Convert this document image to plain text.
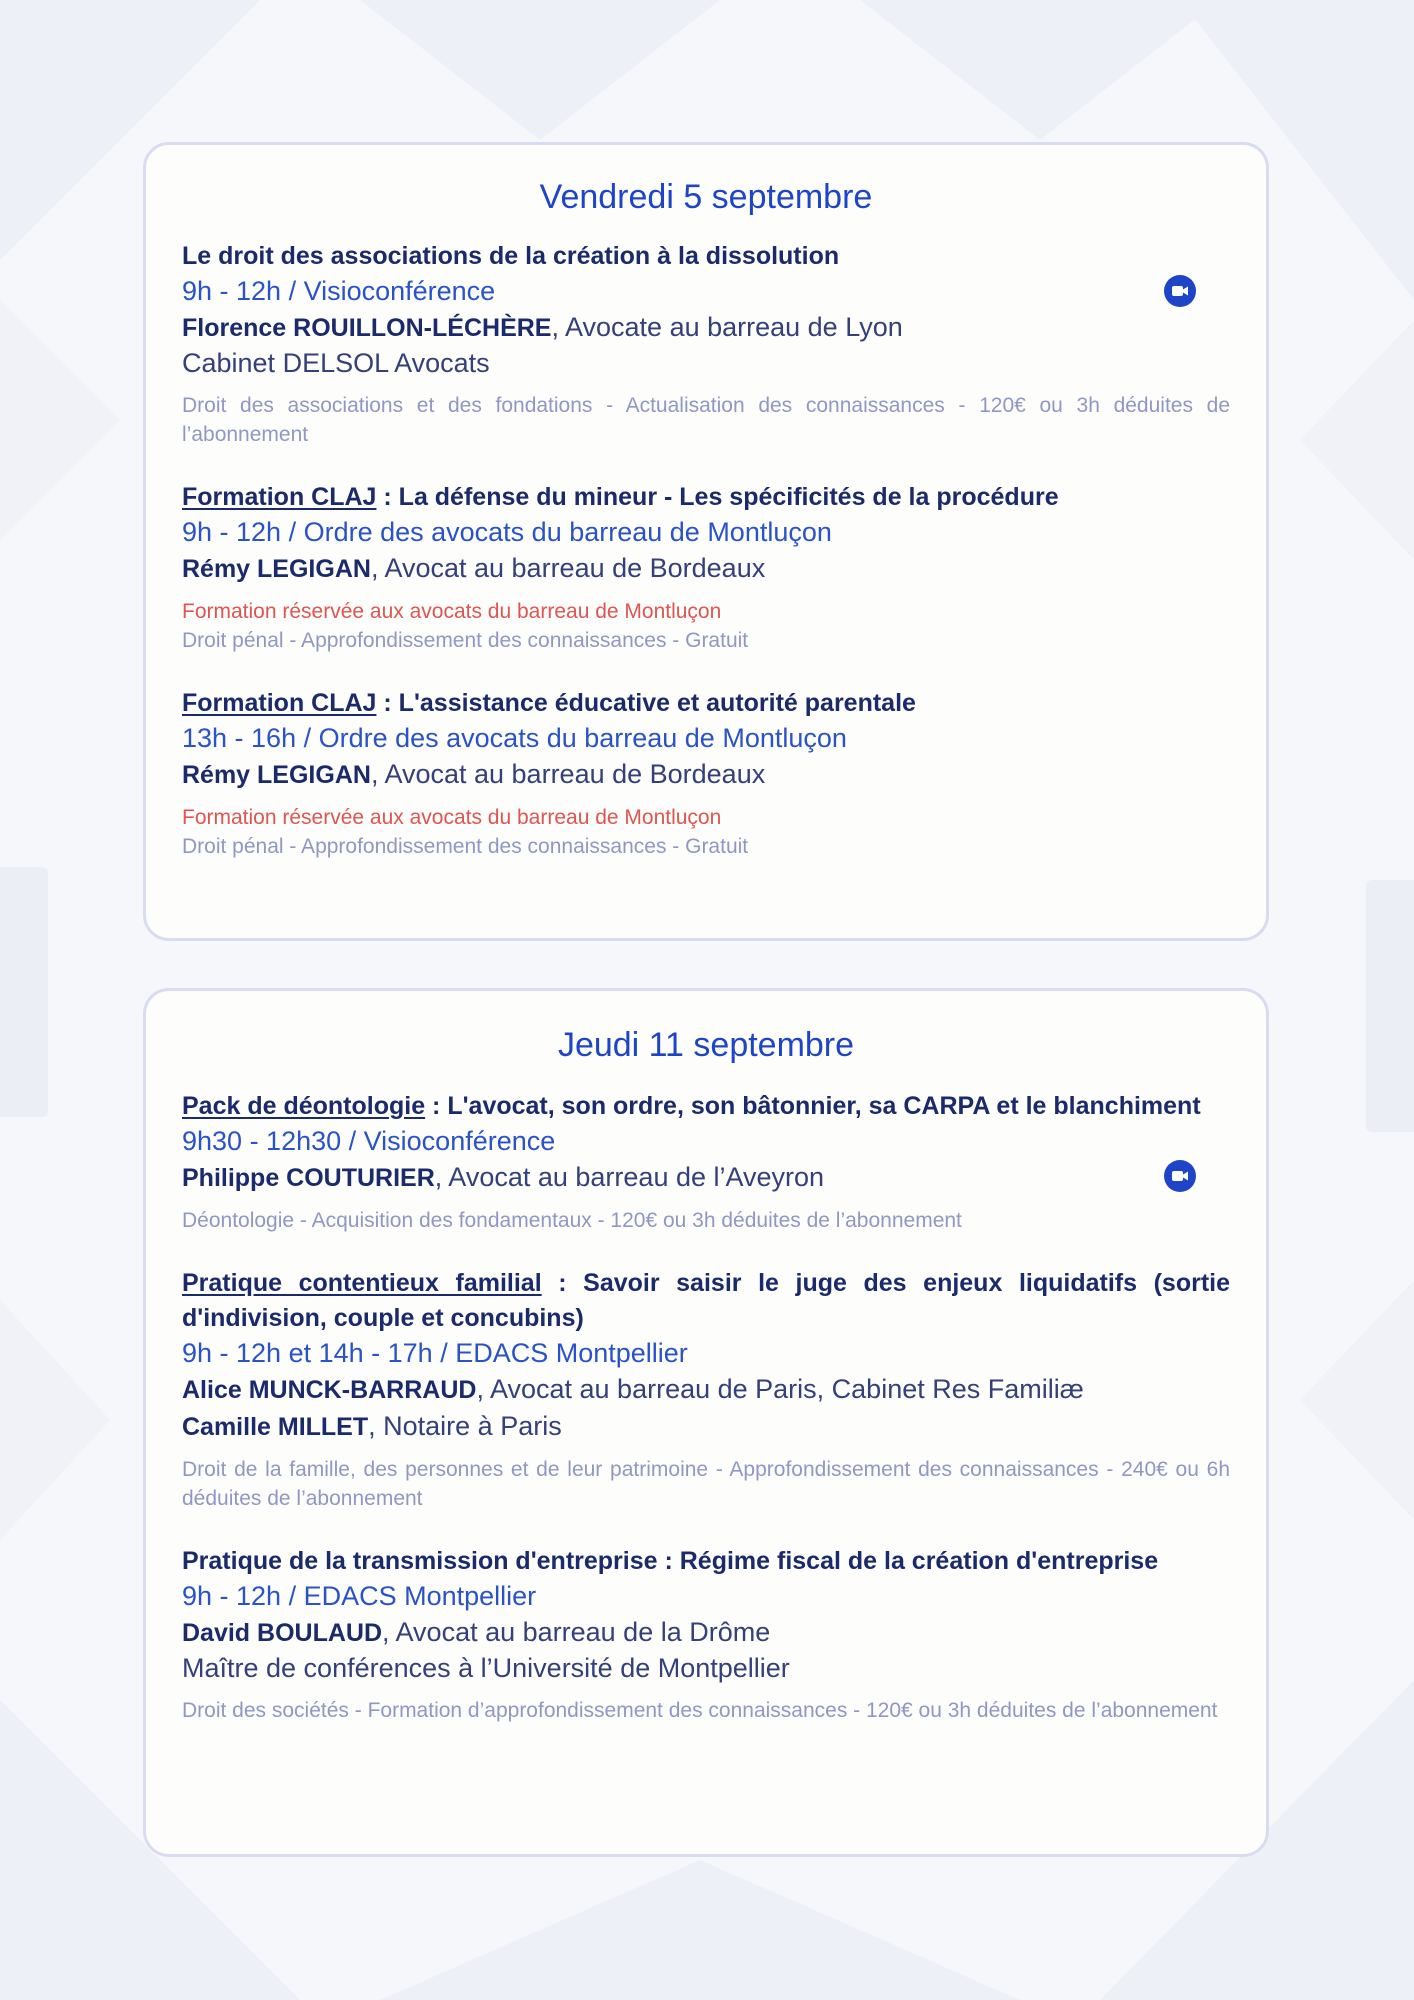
Vendredi 5 septembre
Le droit des associations de la création à la dissolution
9h - 12h / Visioconférence
Florence ROUILLON-LÉCHÈRE, Avocate au barreau de Lyon
Cabinet DELSOL Avocats
Droit des associations et des fondations - Actualisation des connaissances - 120€ ou 3h déduites de l’abonnement
Formation CLAJ : La défense du mineur - Les spécificités de la procédure
9h - 12h / Ordre des avocats du barreau de Montluçon
Rémy LEGIGAN, Avocat au barreau de Bordeaux
Formation réservée aux avocats du barreau de Montluçon
Droit pénal - Approfondissement des connaissances - Gratuit
Formation CLAJ : L'assistance éducative et autorité parentale
13h - 16h / Ordre des avocats du barreau de Montluçon
Rémy LEGIGAN, Avocat au barreau de Bordeaux
Formation réservée aux avocats du barreau de Montluçon
Droit pénal - Approfondissement des connaissances - Gratuit
Jeudi 11 septembre
Pack de déontologie : L'avocat, son ordre, son bâtonnier, sa CARPA et le blanchiment
9h30 - 12h30 / Visioconférence
Philippe COUTURIER, Avocat au barreau de l’Aveyron
Déontologie - Acquisition des fondamentaux - 120€ ou 3h déduites de l’abonnement
Pratique contentieux familial : Savoir saisir le juge des enjeux liquidatifs (sortie d'indivision, couple et concubins)
9h - 12h et 14h - 17h / EDACS Montpellier
Alice MUNCK-BARRAUD, Avocat au barreau de Paris, Cabinet Res Familiæ
Camille MILLET, Notaire à Paris
Droit de la famille, des personnes et de leur patrimoine - Approfondissement des connaissances - 240€ ou 6h déduites de l’abonnement
Pratique de la transmission d'entreprise : Régime fiscal de la création d'entreprise
9h - 12h / EDACS Montpellier
David BOULAUD, Avocat au barreau de la Drôme
Maître de conférences à l’Université de Montpellier
Droit des sociétés - Formation d’approfondissement des connaissances - 120€ ou 3h déduites de l’abonnement
